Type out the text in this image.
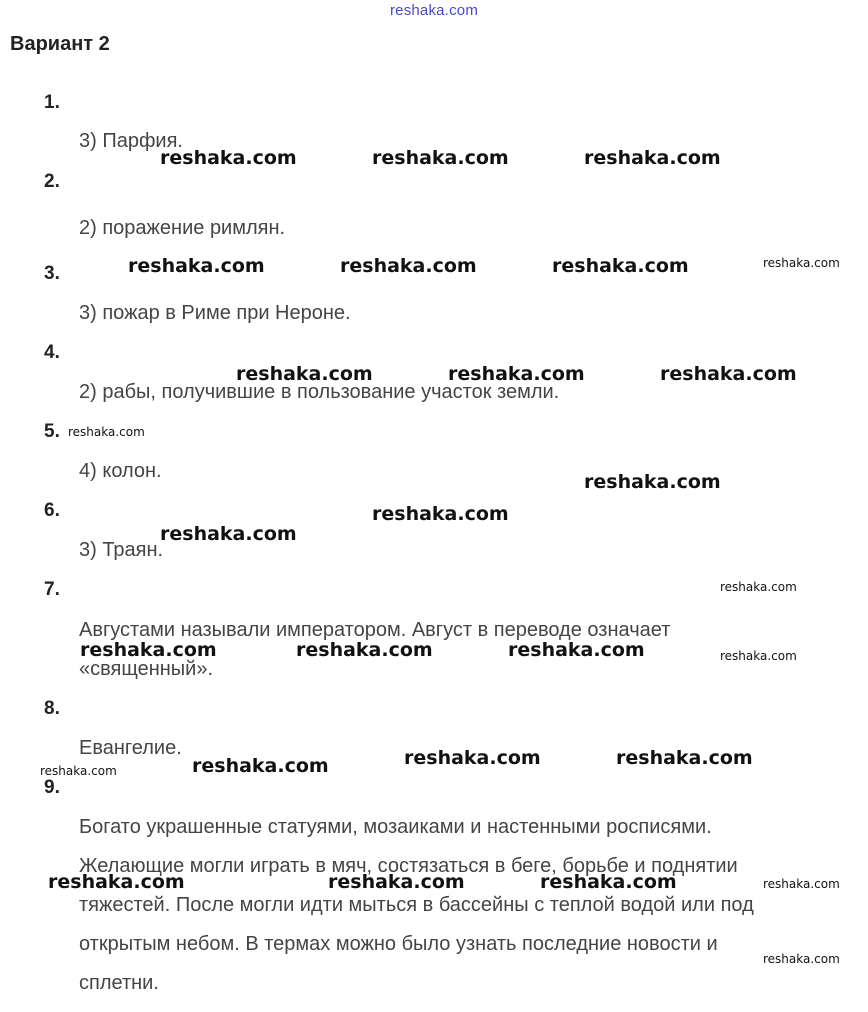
reshaka.com
Вариант 2
1.
3) Парфия.
2.
2) поражение римлян.
3.
3) пожар в Риме при Нероне.
4.
2) рабы, получившие в пользование участок земли.
5.
4) колон.
6.
3) Траян.
7.
Августами называли императором. Август в переводе означает
«священный».
8.
Евангелие.
9.
Богато украшенные статуями, мозаиками и настенными росписями.
Желающие могли играть в мяч, состязаться в беге, борьбе и поднятии
тяжестей. После могли идти мыться в бассейны с теплой водой или под
открытым небом. В термах можно было узнать последние новости и
сплетни.
reshaka.com	reshaka.com	reshaka.com
reshaka.com	reshaka.com	reshaka.com
reshaka.com	reshaka.com	reshaka.com
reshaka.com
reshaka.com
reshaka.com
reshaka.com	reshaka.com	reshaka.com
reshaka.com	reshaka.com	reshaka.com
reshaka.com	reshaka.com	reshaka.com
reshaka.com
reshaka.com
reshaka.com
reshaka.com
reshaka.com
reshaka.com
reshaka.com
